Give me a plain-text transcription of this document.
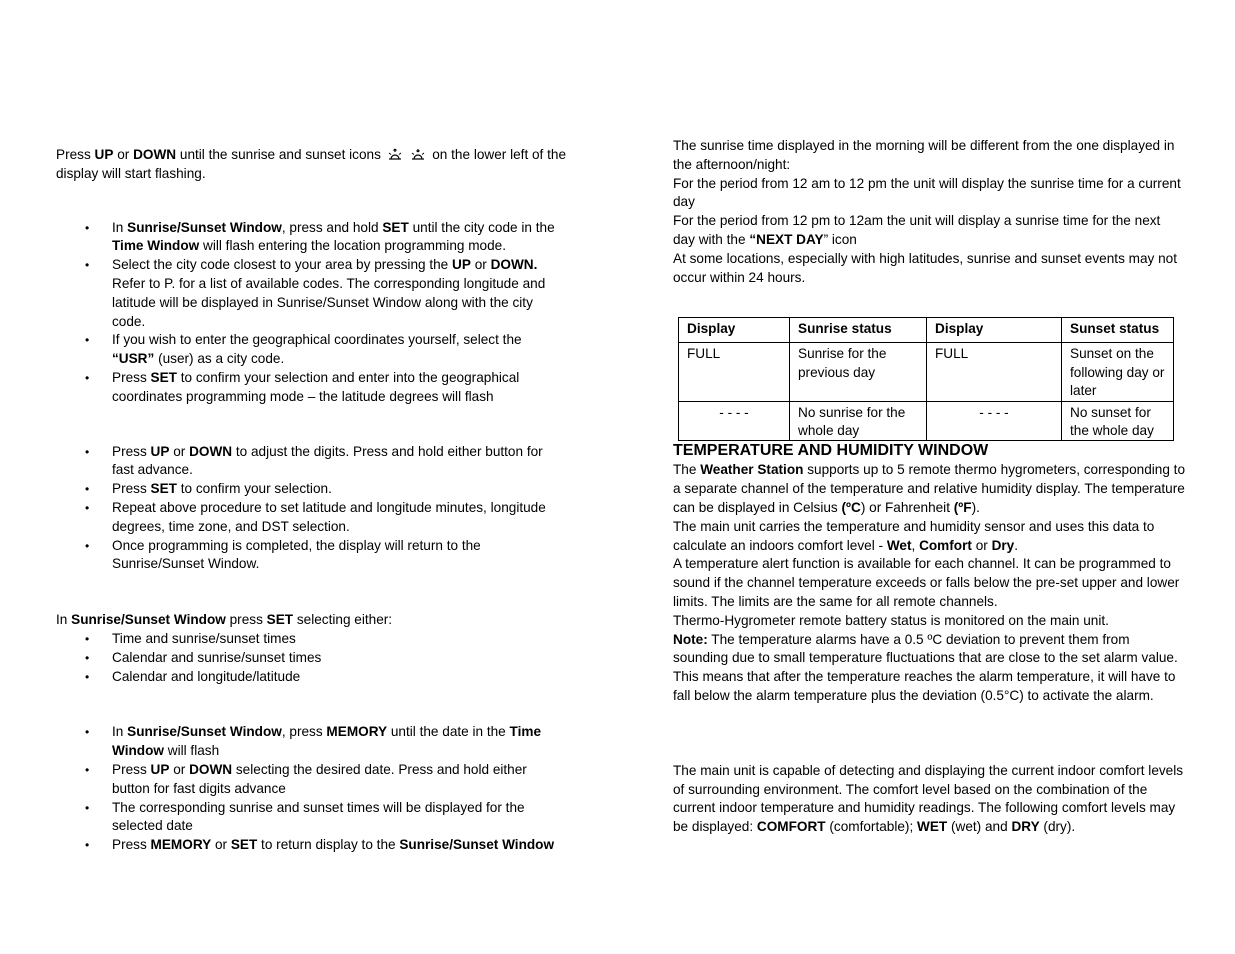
Press UP or DOWN until the sunrise and sunset icons	on the lower left of the display will start flashing.

• In Sunrise/Sunset Window, press and hold SET until the city code in the Time Window will flash entering the location programming mode.
• Select the city code closest to your area by pressing the UP or DOWN. Refer to P. for a list of available codes. The corresponding longitude and latitude will be displayed in Sunrise/Sunset Window along with the city code.
• If you wish to enter the geographical coordinates yourself, select the “USR” (user) as a city code.
• Press SET to confirm your selection and enter into the geographical coordinates programming mode – the latitude degrees will flash
• Press UP or DOWN to adjust the digits. Press and hold either button for fast advance.
• Press SET to confirm your selection.
• Repeat above procedure to set latitude and longitude minutes, longitude degrees, time zone, and DST selection.
• Once programming is completed, the display will return to the Sunrise/Sunset Window.

In Sunrise/Sunset Window press SET selecting either:

• Time and sunrise/sunset times
• Calendar and sunrise/sunset times
• Calendar and longitude/latitude
• In Sunrise/Sunset Window, press MEMORY until the date in the Time Window will flash
• Press UP or DOWN selecting the desired date. Press and hold either button for fast digits advance
• The corresponding sunrise and sunset times will be displayed for the selected date
• Press MEMORY or SET to return display to the Sunrise/Sunset Window

The sunrise time displayed in the morning will be different from the one displayed in the afternoon/night:

For the period from 12 am to 12 pm the unit will display the sunrise time for a current day

For the period from 12 pm to 12am the unit will display a sunrise time for the next day with the “NEXT DAY” icon

At some locations, especially with high latitudes, sunrise and sunset events may not occur within 24 hours.

Display	Sunrise status	Display	Sunset status
FULL	Sunrise for the previous day	FULL	Sunset on the following day or later
- - - -	No sunrise for the whole day	- - - -	No sunset for the whole day
TEMPERATURE AND HUMIDITY WINDOW

The Weather Station supports up to 5 remote thermo hygrometers, corresponding to a separate channel of the temperature and relative humidity display. The temperature can be displayed in Celsius (ºC) or Fahrenheit (ºF).

The main unit carries the temperature and humidity sensor and uses this data to calculate an indoors comfort level - Wet, Comfort or Dry.

A temperature alert function is available for each channel. It can be programmed to sound if the channel temperature exceeds or falls below the pre-set upper and lower limits. The limits are the same for all remote channels.

Thermo-Hygrometer remote battery status is monitored on the main unit.

Note: The temperature alarms have a 0.5 ºC deviation to prevent them from sounding due to small temperature fluctuations that are close to the set alarm value. This means that after the temperature reaches the alarm temperature, it will have to fall below the alarm temperature plus the deviation (0.5°C) to activate the alarm.

The main unit is capable of detecting and displaying the current indoor comfort levels of surrounding environment. The comfort level based on the combination of the current indoor temperature and humidity readings. The following comfort levels may be displayed: COMFORT (comfortable); WET (wet) and DRY (dry).
